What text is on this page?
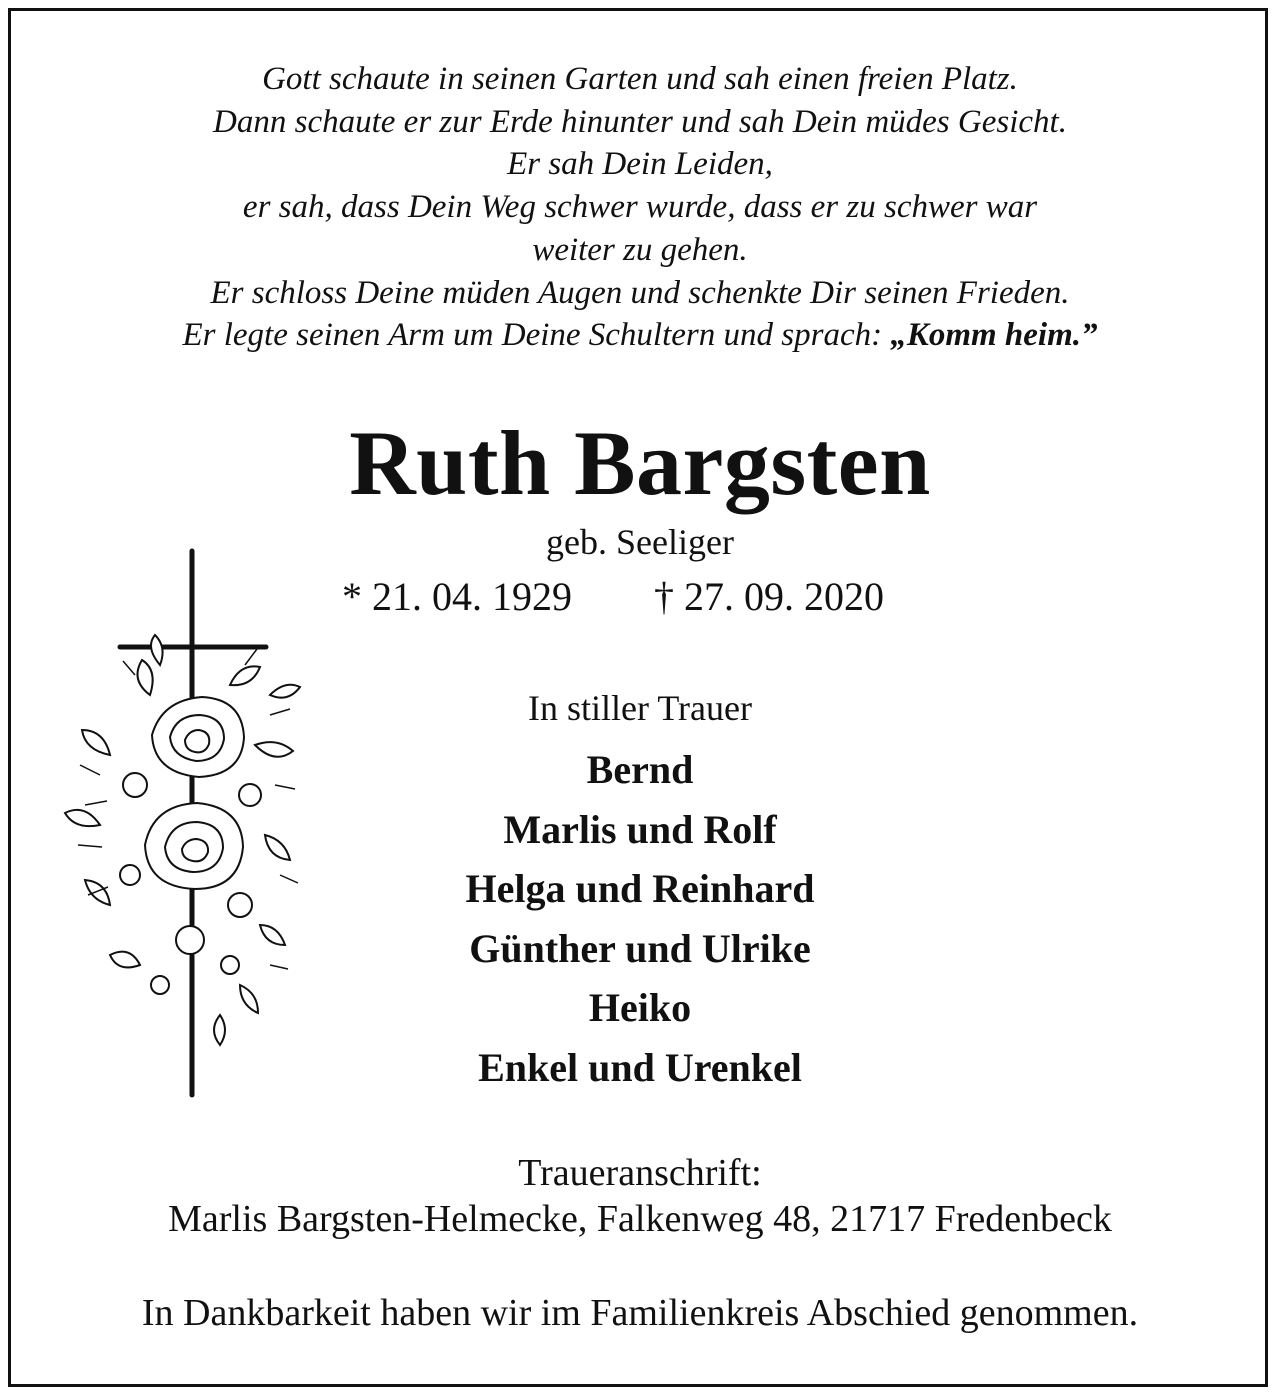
Gott schaute in seinen Garten und sah einen freien Platz.
Dann schaute er zur Erde hinunter und sah Dein müdes Gesicht.
Er sah Dein Leiden,
er sah, dass Dein Weg schwer wurde, dass er zu schwer war
weiter zu gehen.
Er schloss Deine müden Augen und schenkte Dir seinen Frieden.
Er legte seinen Arm um Deine Schultern und sprach: „Komm heim.”
Ruth Bargsten
geb. Seeliger
* 21. 04. 1929 † 27. 09. 2020
In stiller Trauer
Bernd
Marlis und Rolf
Helga und Reinhard
Günther und Ulrike
Heiko
Enkel und Urenkel
Traueranschrift:
Marlis Bargsten-Helmecke, Falkenweg 48, 21717 Fredenbeck
In Dankbarkeit haben wir im Familienkreis Abschied genommen.
